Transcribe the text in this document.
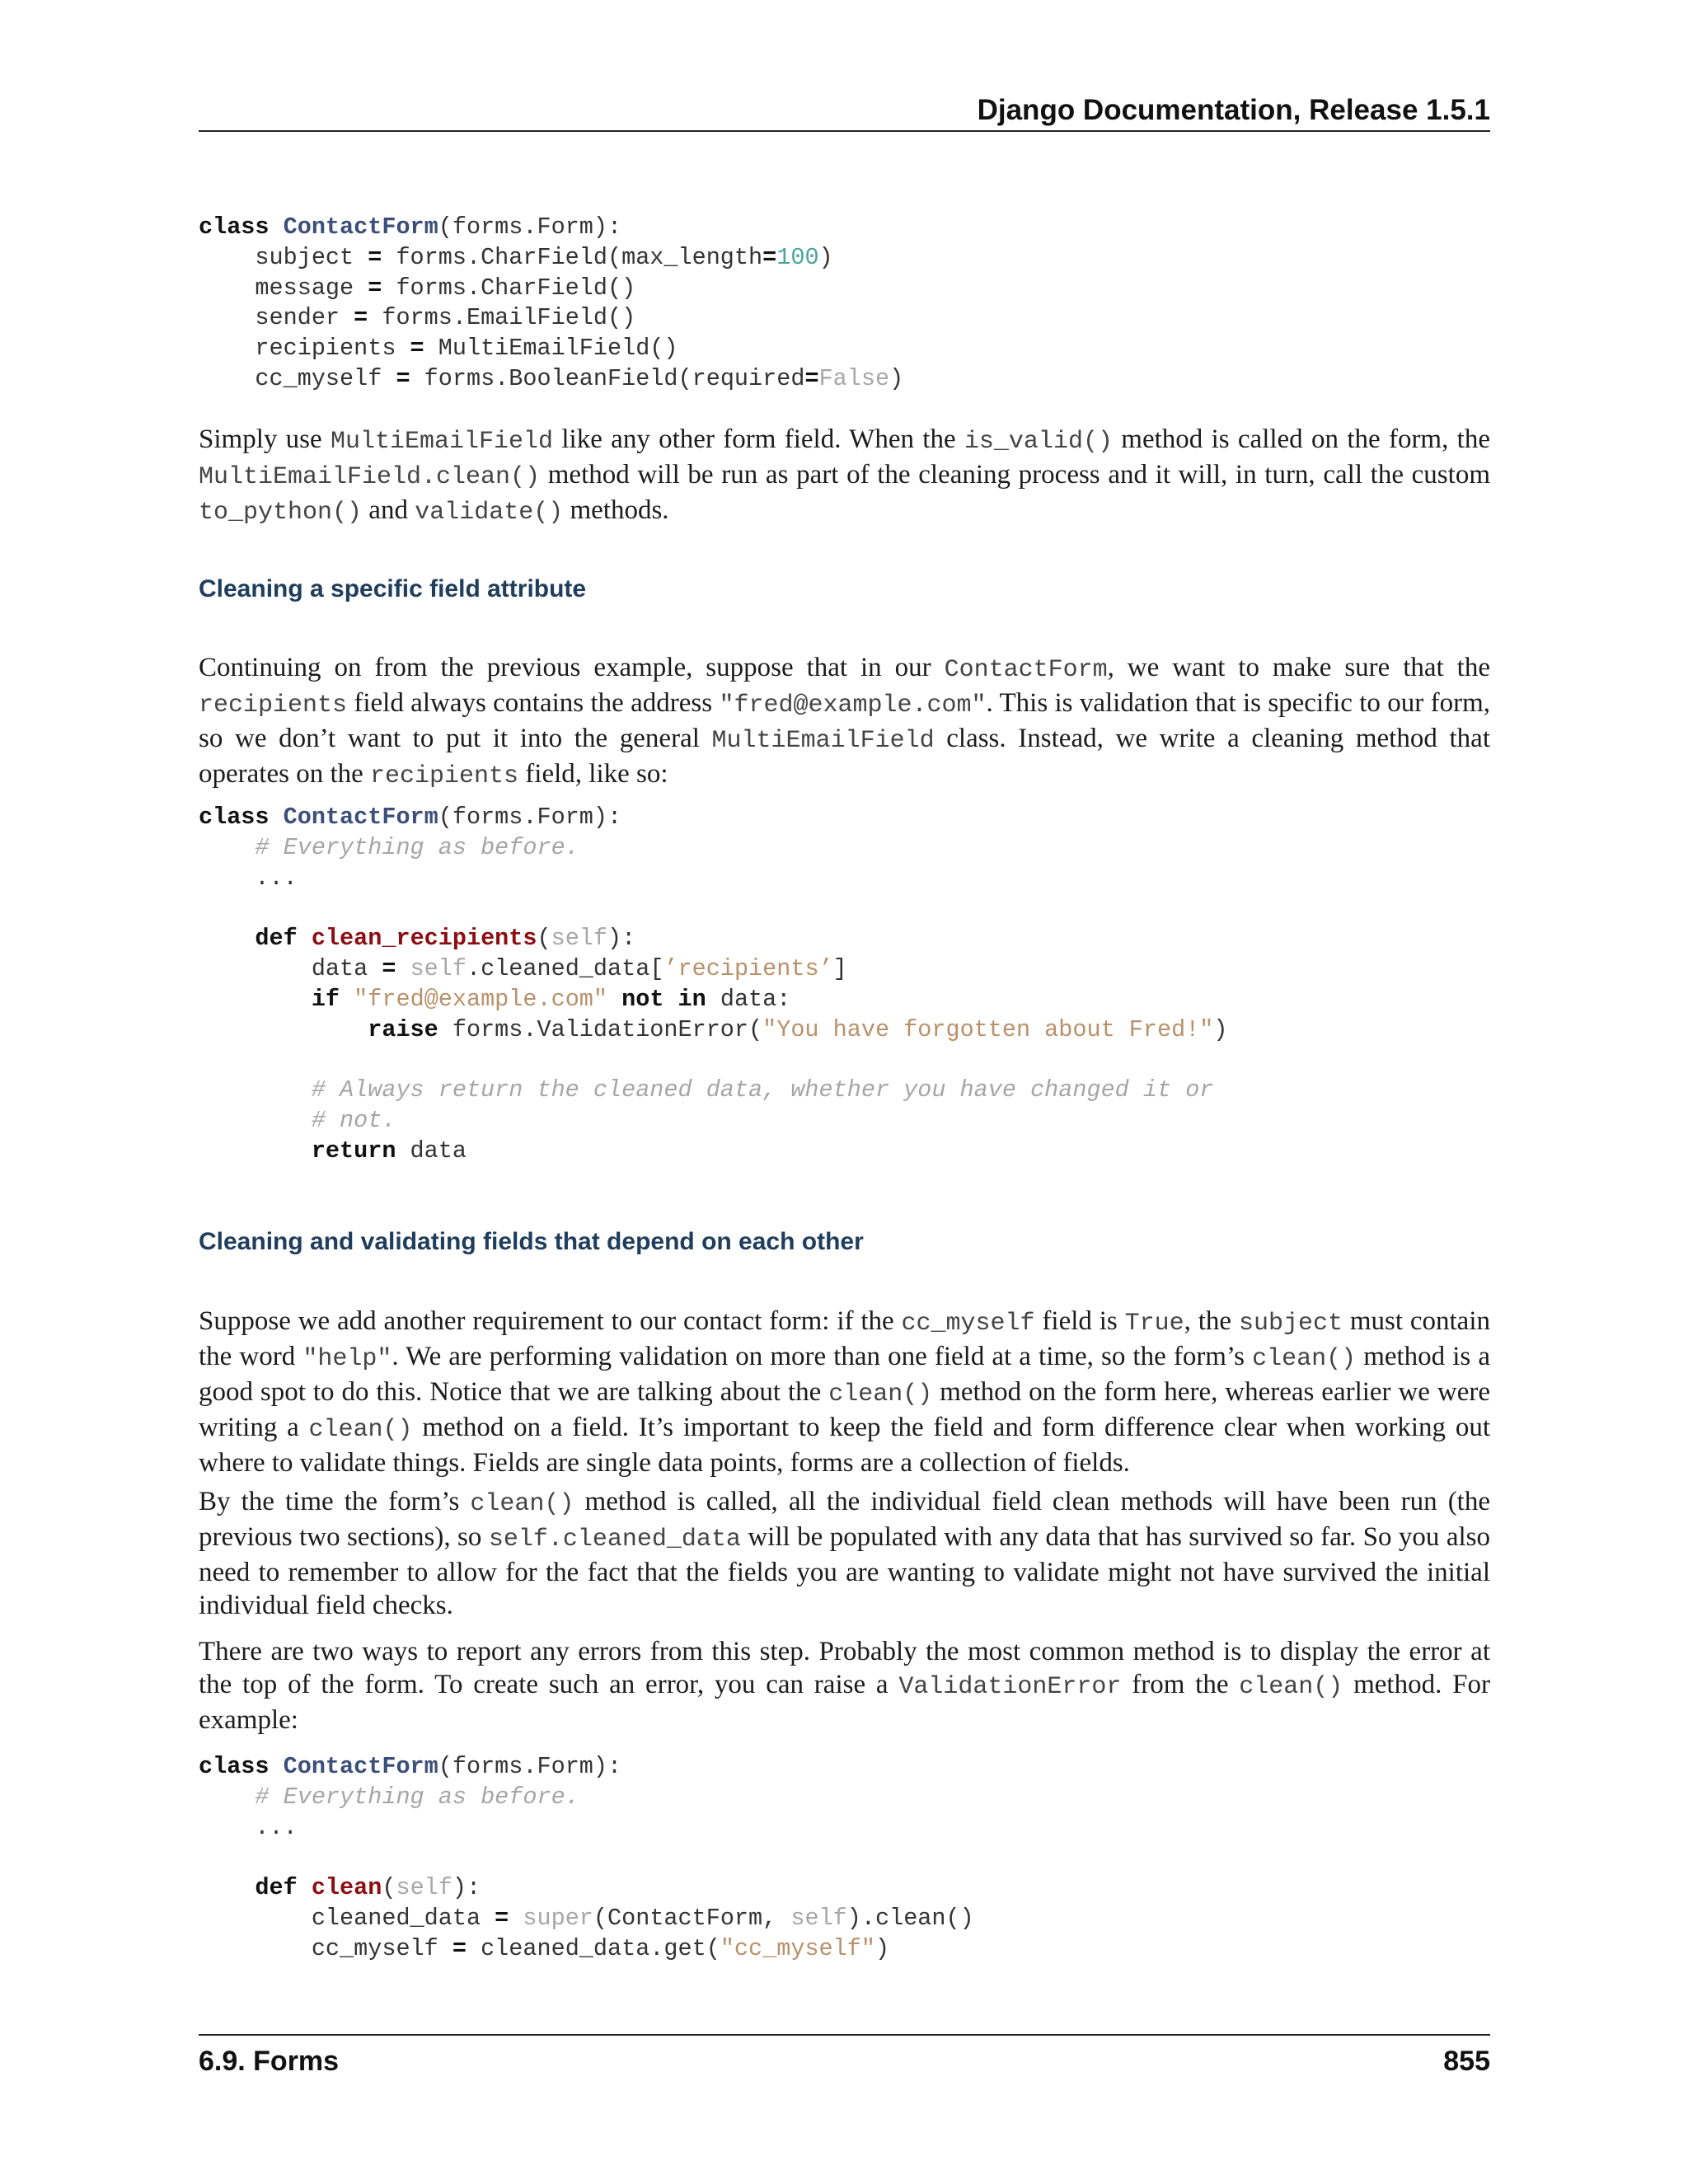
Django Documentation, Release 1.5.1
class ContactForm(forms.Form):
subject = forms.CharField(max_length=100)
message = forms.CharField()
sender = forms.EmailField()
recipients = MultiEmailField()
cc_myself = forms.BooleanField(required=False)
Simply use MultiEmailField like any other form field. When the is_valid() method is called on the form, the MultiEmailField.clean() method will be run as part of the cleaning process and it will, in turn, call the custom to_python() and validate() methods.
Cleaning a specific field attribute
Continuing on from the previous example, suppose that in our ContactForm, we want to make sure that the recipients field always contains the address "fred@example.com". This is validation that is specific to our form, so we don’t want to put it into the general MultiEmailField class. Instead, we write a cleaning method that operates on the recipients field, like so:
class ContactForm(forms.Form):
# Everything as before.
...
def clean_recipients(self):
data = self.cleaned_data[’recipients’]
if "fred@example.com" not in data:
raise forms.ValidationError("You have forgotten about Fred!")
# Always return the cleaned data, whether you have changed it or
# not.
return data
Cleaning and validating fields that depend on each other
Suppose we add another requirement to our contact form: if the cc_myself field is True, the subject must contain the word "help". We are performing validation on more than one field at a time, so the form’s clean() method is a good spot to do this. Notice that we are talking about the clean() method on the form here, whereas earlier we were writing a clean() method on a field. It’s important to keep the field and form difference clear when working out where to validate things. Fields are single data points, forms are a collection of fields.
By the time the form’s clean() method is called, all the individual field clean methods will have been run (the previous two sections), so self.cleaned_data will be populated with any data that has survived so far. So you also need to remember to allow for the fact that the fields you are wanting to validate might not have survived the initial individual field checks.
There are two ways to report any errors from this step. Probably the most common method is to display the error at the top of the form. To create such an error, you can raise a ValidationError from the clean() method. For example:
class ContactForm(forms.Form):
# Everything as before.
...
def clean(self):
cleaned_data = super(ContactForm, self).clean()
cc_myself = cleaned_data.get("cc_myself")
6.9. Forms	855
